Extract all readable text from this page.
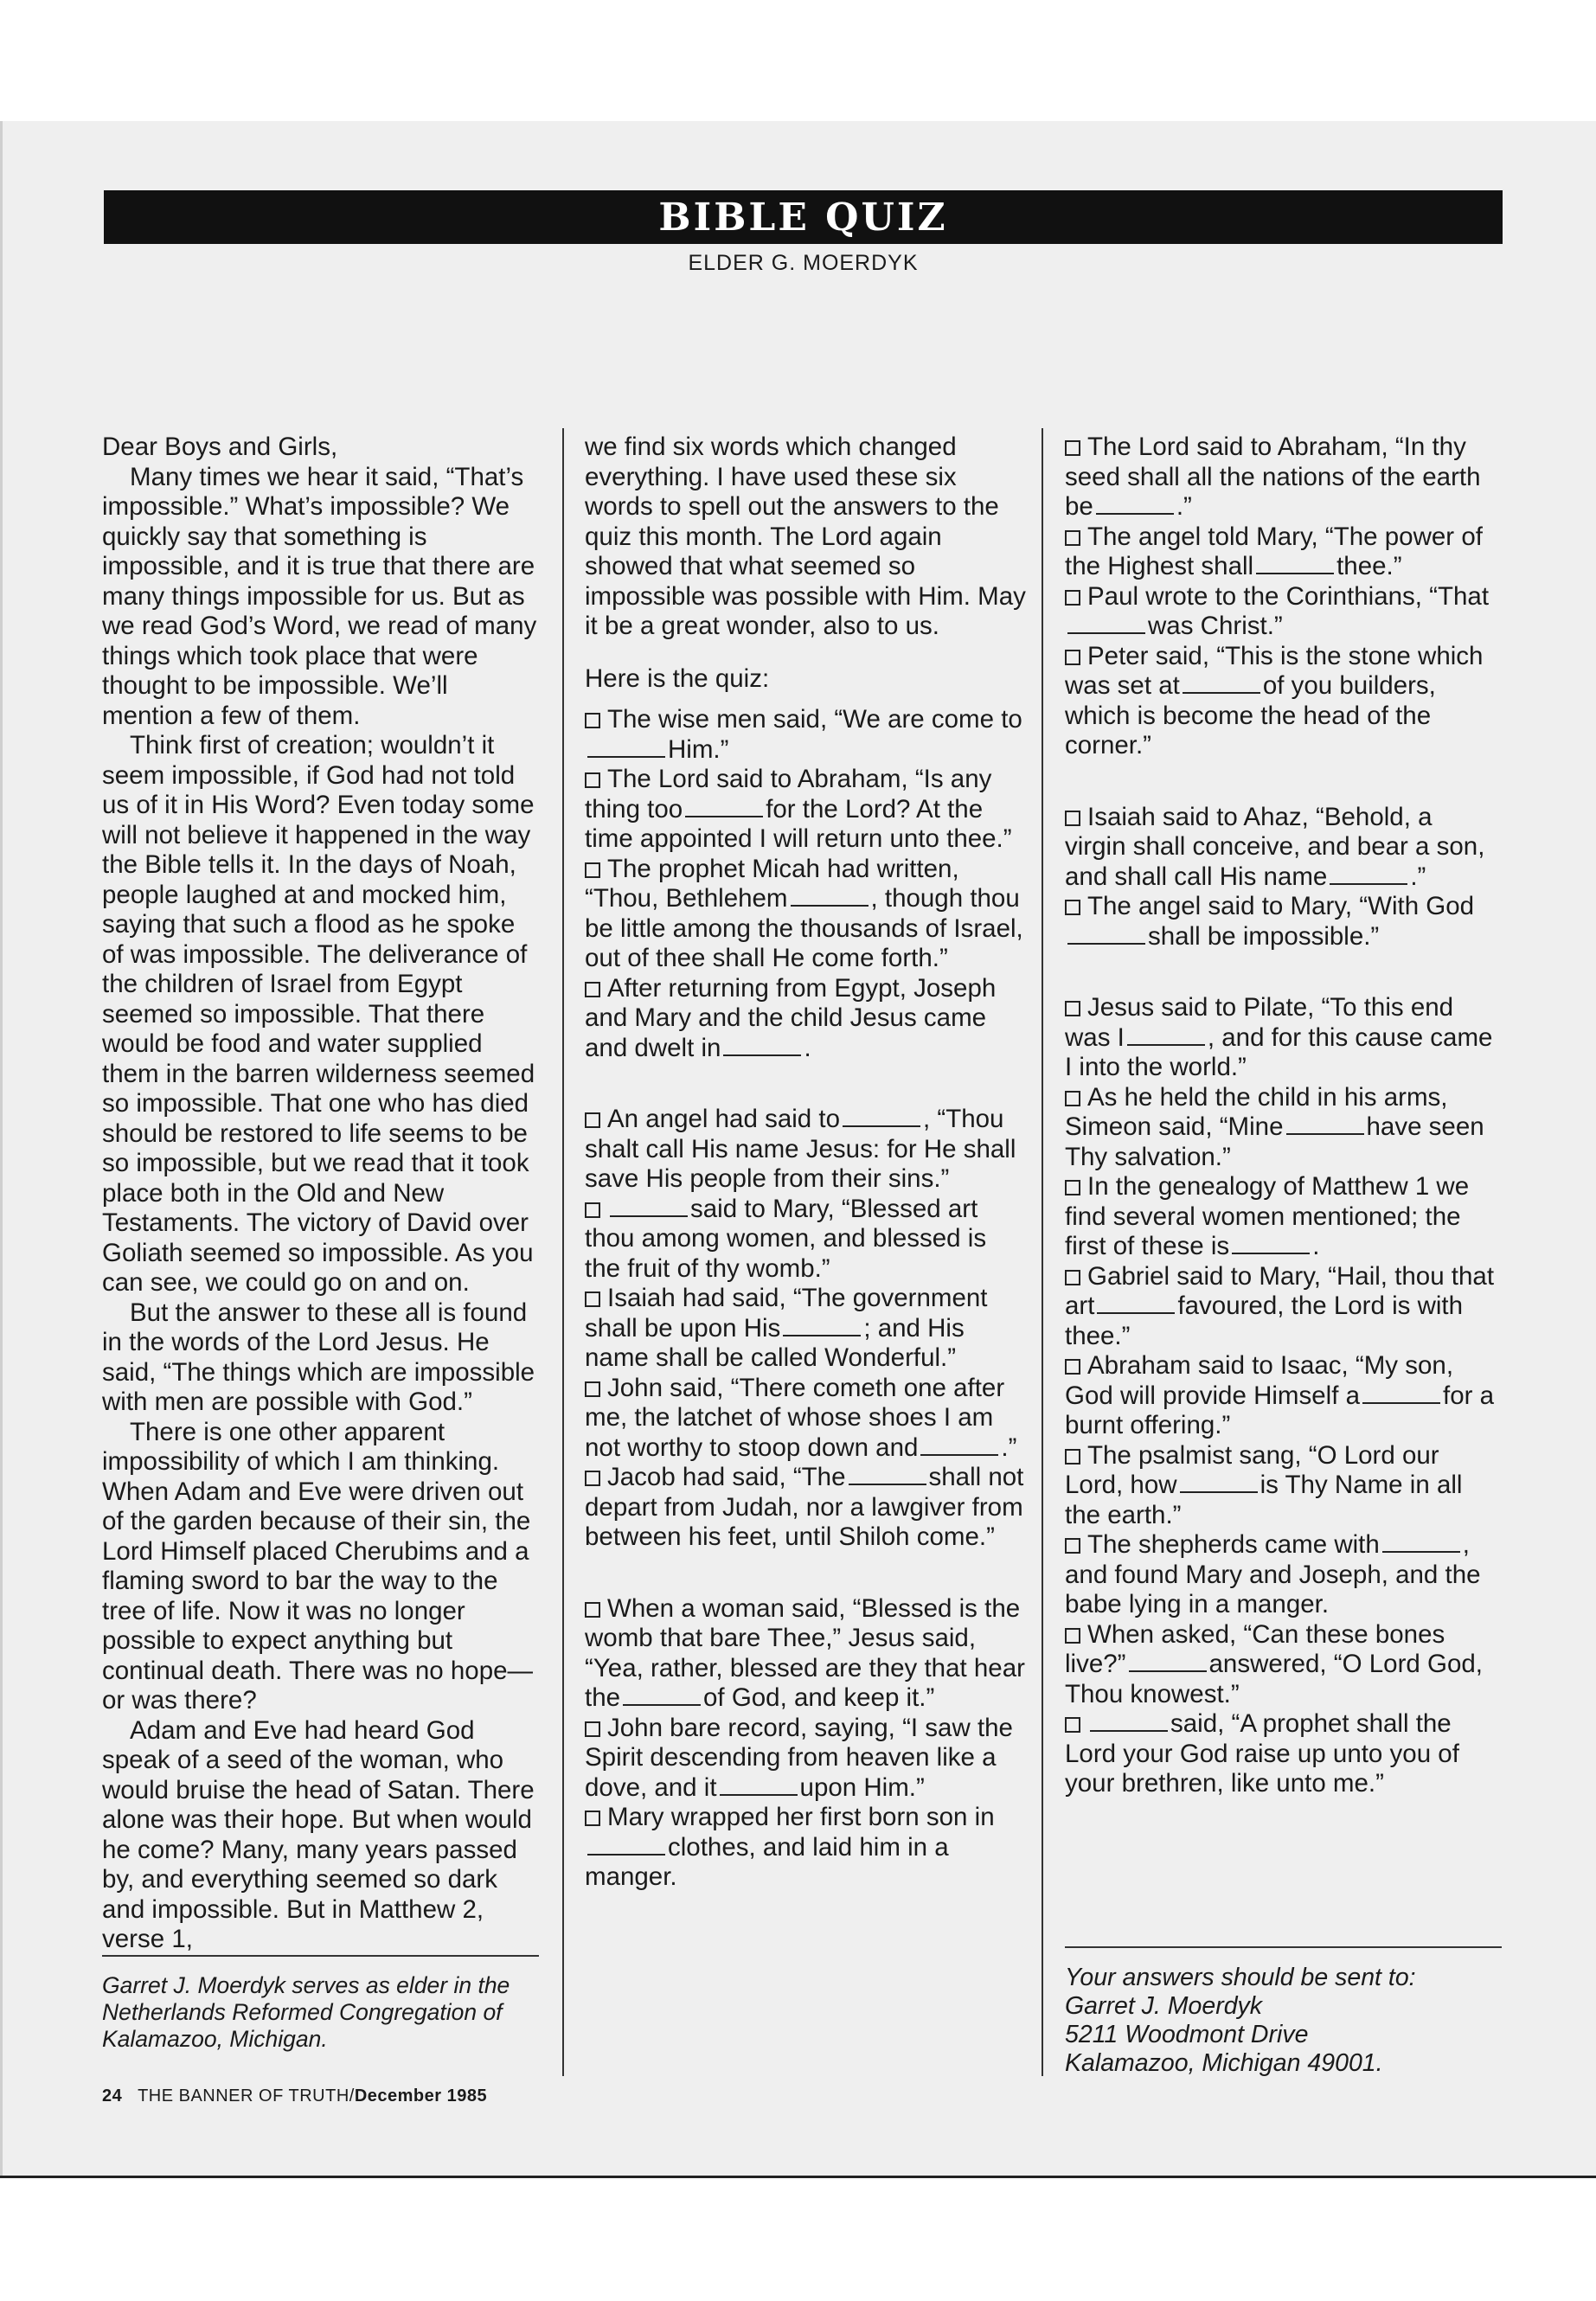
BIBLE QUIZ
ELDER G. MOERDYK

Dear Boys and Girls,

Many times we hear it said, “That’s impossible.” What’s impossible? We quickly say that something is impossible, and it is true that there are many things impossible for us. But as we read God’s Word, we read of many things which took place that were thought to be impossible. We’ll mention a few of them.

Think first of creation; wouldn’t it seem impossible, if God had not told us of it in His Word? Even today some will not believe it happened in the way the Bible tells it. In the days of Noah, people laughed at and mocked him, saying that such a flood as he spoke of was impossible. The deliverance of the children of Israel from Egypt seemed so impossible. That there would be food and water supplied them in the barren wilderness seemed so impossible. That one who has died should be restored to life seems to be so impossible, but we read that it took place both in the Old and New Testaments. The victory of David over Goliath seemed so impossible. As you can see, we could go on and on.

But the answer to these all is found in the words of the Lord Jesus. He said, “The things which are impossible with men are possible with God.”

There is one other apparent impossibility of which I am thinking. When Adam and Eve were driven out of the garden because of their sin, the Lord Himself placed Cherubims and a flaming sword to bar the way to the tree of life. Now it was no longer possible to expect anything but continual death. There was no hope—or was there?

Adam and Eve had heard God speak of a seed of the woman, who would bruise the head of Satan. There alone was their hope. But when would he come? Many, many years passed by, and everything seemed so dark and impossible. But in Matthew 2, verse 1,

Garret J. Moerdyk serves as elder in the Netherlands Reformed Congregation of Kalamazoo, Michigan.

we find six words which changed everything. I have used these six words to spell out the answers to the quiz this month. The Lord again showed that what seemed so impossible was possible with Him. May it be a great wonder, also to us.

Here is the quiz:

The wise men said, “We are come toHim.”

The Lord said to Abraham, “Is any thing too	for the Lord? At the time appointed I will return unto thee.”

The prophet Micah had written, “Thou, Bethlehem	, though thou be little among the thousands of Israel, out of thee shall He come forth.”

After returning from Egypt, Joseph and Mary and the child Jesus came and dwelt in	.

An angel had said to	, “Thou shalt call His name Jesus: for He shall save His people from their sins.”

said to Mary, “Blessed art thou among women, and blessed is the fruit of thy womb.”

Isaiah had said, “The government shall be upon His	; and His name shall be called Wonderful.”

John said, “There cometh one after me, the latchet of whose shoes I am not worthy to stoop down and	.”

Jacob had said, “The	shall not depart from Judah, nor a lawgiver from between his feet, until Shiloh come.”

When a woman said, “Blessed is the womb that bare Thee,” Jesus said, “Yea, rather, blessed are they that hear the	of God, and keep it.”

John bare record, saying, “I saw the Spirit descending from heaven like a dove, and it	upon Him.”

Mary wrapped her first born son inclothes, and laid him in a manger.

The Lord said to Abraham, “In thy seed shall all the nations of the earth be	.”

The angel told Mary, “The power of the Highest shall	thee.”

Paul wrote to the Corinthians, “Thatwas Christ.”

Peter said, “This is the stone which was set at	of you builders, which is become the head of the corner.”

Isaiah said to Ahaz, “Behold, a virgin shall conceive, and bear a son, and shall call His name	.”

The angel said to Mary, “With Godshall be impossible.”

Jesus said to Pilate, “To this end was I	, and for this cause came I into the world.”

As he held the child in his arms, Simeon said, “Mine	have seen Thy salvation.”

In the genealogy of Matthew 1 we find several women mentioned; the first of these is	.

Gabriel said to Mary, “Hail, thou that art	favoured, the Lord is with thee.”

Abraham said to Isaac, “My son, God will provide Himself a	for a burnt offering.”

The psalmist sang, “O Lord our Lord, how	is Thy Name in all the earth.”

The shepherds came with	, and found Mary and Joseph, and the babe lying in a manger.

When asked, “Can these bones live?”	answered, “O Lord God, Thou knowest.”

said, “A prophet shall the Lord your God raise up unto you of your brethren, like unto me.”

Your answers should be sent to:

Garret J. Moerdyk

5211 Woodmont Drive

Kalamazoo, Michigan 49001.

24 THE BANNER OF TRUTH/December 1985
